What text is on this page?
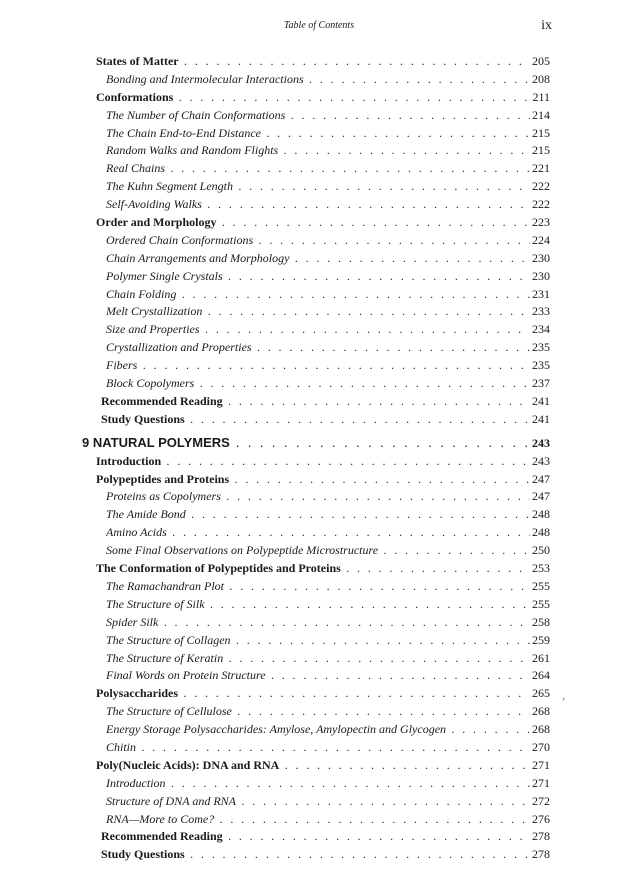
Table of Contents	ix
States of Matter . . .	205
Bonding and Intermolecular Interactions . . .	208
Conformations . . .	211
The Number of Chain Conformations . . .	214
The Chain End-to-End Distance . . .	215
Random Walks and Random Flights . . .	215
Real Chains . . .	221
The Kuhn Segment Length . . .	222
Self-Avoiding Walks . . .	222
Order and Morphology . . .	223
Ordered Chain Conformations . . .	224
Chain Arrangements and Morphology . . .	230
Polymer Single Crystals . . .	230
Chain Folding . . .	231
Melt Crystallization . . .	233
Size and Properties . . .	234
Crystallization and Properties . . .	235
Fibers . . .	235
Block Copolymers . . .	237
Recommended Reading . . .	241
Study Questions . . .	241
9 NATURAL POLYMERS . . .	243
Introduction . . .	243
Polypeptides and Proteins . . .	247
Proteins as Copolymers . . .	247
The Amide Bond . . .	248
Amino Acids . . .	248
Some Final Observations on Polypeptide Microstructure . . .	250
The Conformation of Polypeptides and Proteins . . .	253
The Ramachandran Plot . . .	255
The Structure of Silk . . .	255
Spider Silk . . .	258
The Structure of Collagen . . .	259
The Structure of Keratin . . .	261
Final Words on Protein Structure . . .	264
Polysaccharides . . .	265
The Structure of Cellulose . . .	268
Energy Storage Polysaccharides: Amylose, Amylopectin and Glycogen . . .	268
Chitin . . .	270
Poly(Nucleic Acids): DNA and RNA . . .	271
Introduction . . .	271
Structure of DNA and RNA . . .	272
RNA—More to Come? . . .	276
Recommended Reading . . .	278
Study Questions . . .	278
’
